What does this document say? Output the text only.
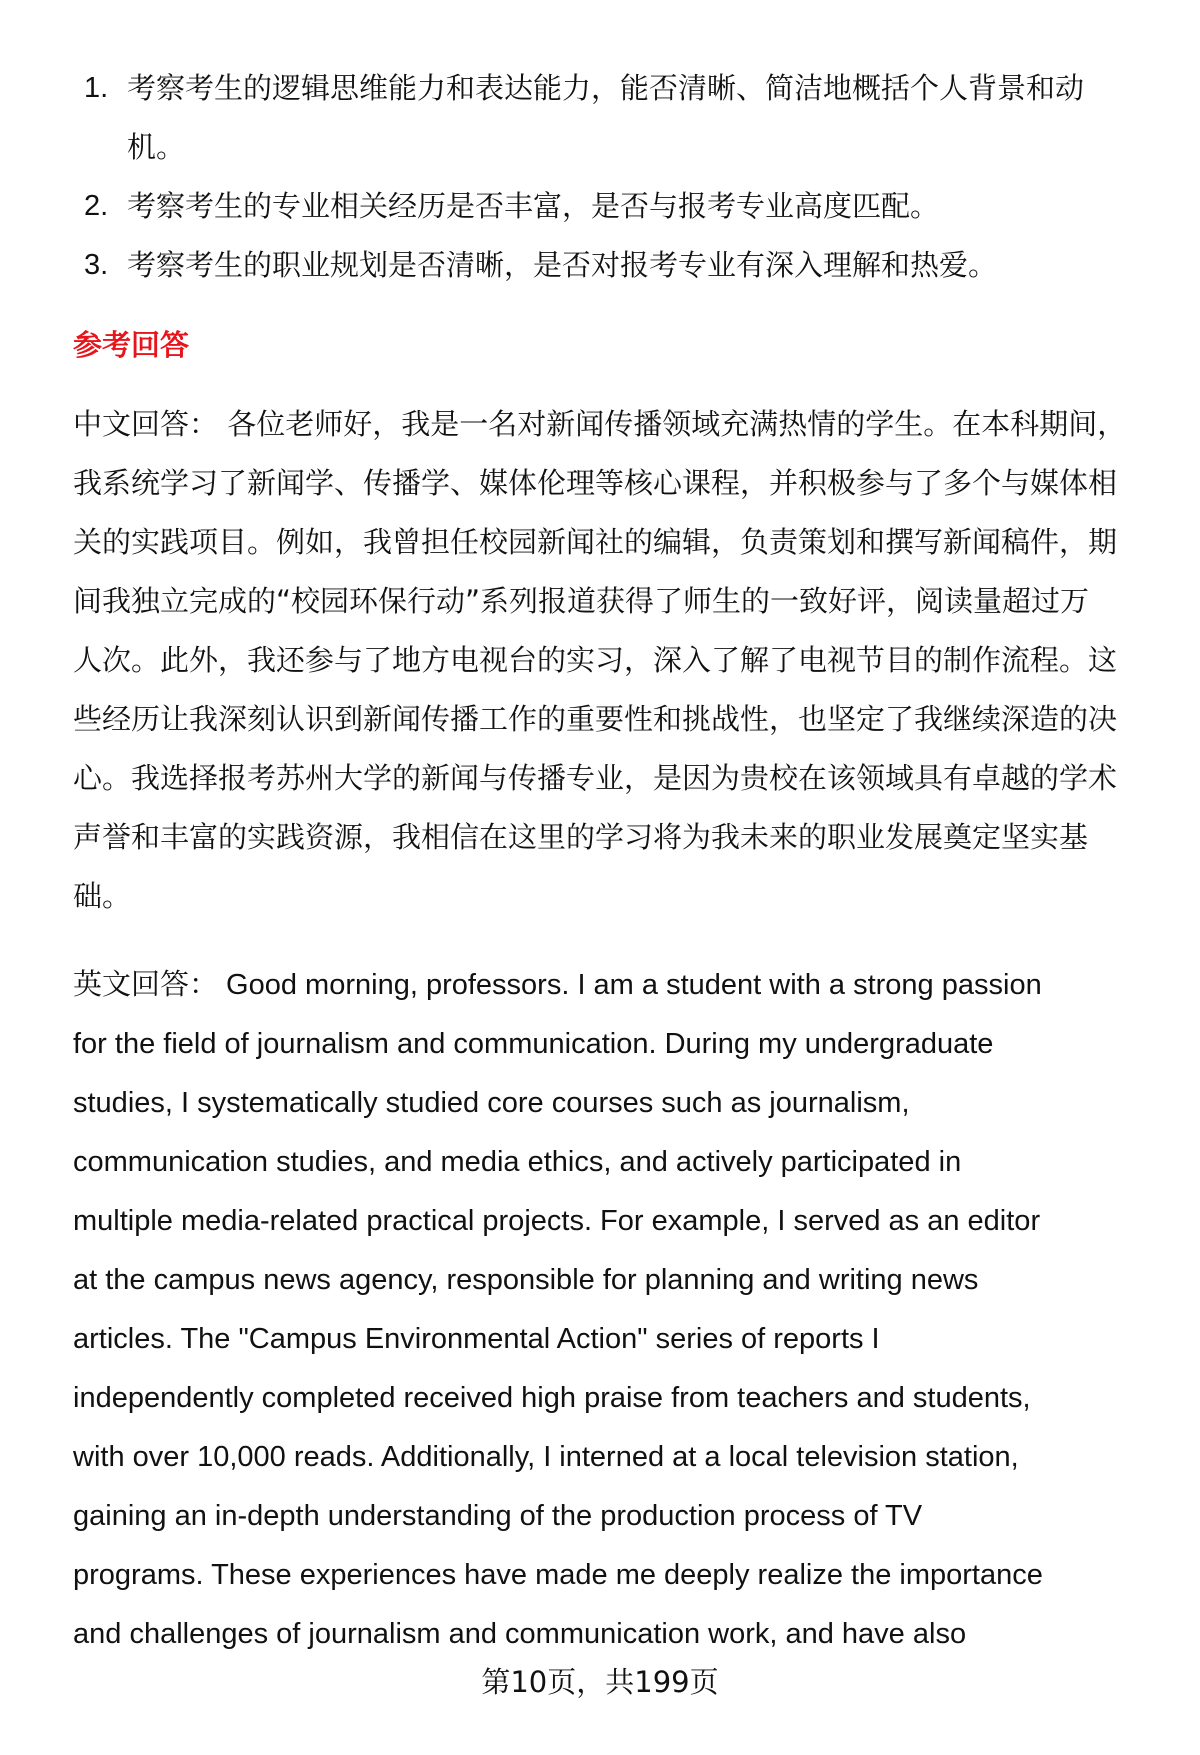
1. 考察考生的逻辑思维能力和表达能力，能否清晰、简洁地概括个人背景和动
机。
2. 考察考生的专业相关经历是否丰富，是否与报考专业高度匹配。
3. 考察考生的职业规划是否清晰，是否对报考专业有深入理解和热爱。
参考回答
中文回答： 各位老师好，我是一名对新闻传播领域充满热情的学生。在本科期间，
我系统学习了新闻学、传播学、媒体伦理等核心课程，并积极参与了多个与媒体相
关的实践项目。例如，我曾担任校园新闻社的编辑，负责策划和撰写新闻稿件，期
间我独立完成的“校园环保行动”系列报道获得了师生的一致好评，阅读量超过万
人次。此外，我还参与了地方电视台的实习，深入了解了电视节目的制作流程。这
些经历让我深刻认识到新闻传播工作的重要性和挑战性，也坚定了我继续深造的决
心。我选择报考苏州大学的新闻与传播专业，是因为贵校在该领域具有卓越的学术
声誉和丰富的实践资源，我相信在这里的学习将为我未来的职业发展奠定坚实基
础。
英文回答： Good morning, professors. I am a student with a strong passion
for the field of journalism and communication. During my undergraduate
studies, I systematically studied core courses such as journalism,
communication studies, and media ethics, and actively participated in
multiple media-related practical projects. For example, I served as an editor
at the campus news agency, responsible for planning and writing news
articles. The "Campus Environmental Action" series of reports I
independently completed received high praise from teachers and students,
with over 10,000 reads. Additionally, I interned at a local television station,
gaining an in-depth understanding of the production process of TV
programs. These experiences have made me deeply realize the importance
and challenges of journalism and communication work, and have also
第10页，共199页
